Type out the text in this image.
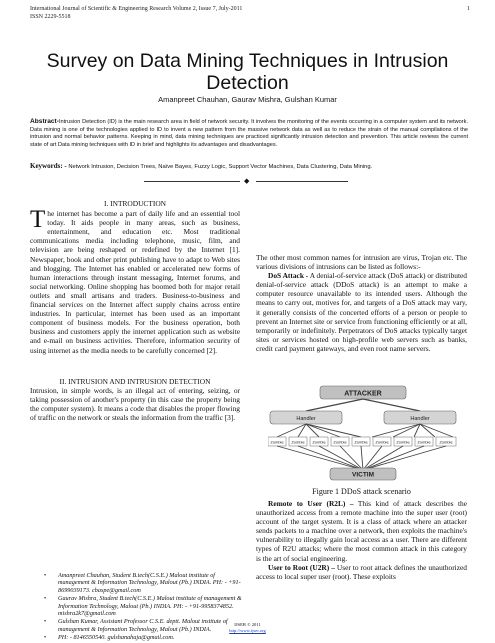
International Journal of Scientific & Engineering Research Volume 2, Issue 7, July-2011
ISSN 2229-5518
1
Survey on Data Mining Techniques in Intrusion Detection
Amanpreet Chauhan, Gaurav Mishra, Gulshan Kumar
Abstract-Intrusion Detection (ID) is the main research area in field of network security. It involves the monitoring of the events occurring in a computer system and its network. Data mining is one of the technologies applied to ID to invent a new pattern from the massive network data as well as to reduce the strain of the manual compilations of the intrusion and normal behavior patterns. Keeping in mind, data mining techniques are practiced significantly intrusion detection and prevention. This article reviews the current state of art Data mining techniques with ID in brief and highlights its advantages and disadvantages.
Keywords: - Network Intrusion, Decision Trees, Naïve Bayes, Fuzzy Logic, Support Vector Machines, Data Clustering, Data Mining.
◆
I. INTRODUCTION

The internet has become a part of daily life and an essential tool today. It aids people in many areas, such as business, entertainment, and education etc. Most traditional communications media including telephone, music, film, and television are being reshaped or redefined by the Internet [1]. Newspaper, book and other print publishing have to adapt to Web sites and blogging. The Internet has enabled or accelerated new forms of human interactions through instant messaging, Internet forums, and social networking. Online shopping has boomed both for major retail outlets and small artisans and traders. Business-to-business and financial services on the Internet affect supply chains across entire industries. In particular, internet has been used as an important component of business models. For the business operation, both business and customers apply the internet application such as website and e-mail on business activities. Therefore, information security of using internet as the media needs to be carefully concerned [2].

II. INTRUSION AND INTRUSION DETECTION

Intrusion, in simple words, is an illegal act of entering, seizing, or taking possession of another's property (in this case the property being the computer system). It means a code that disables the proper flowing of traffic on the network or steals the information from the traffic [3].

• Amanpreet Chauhan, Student B.tech(C.S.E.) Malout institute of management & Information Technology, Malout (Pb.) INDIA. PH: - +91-8699039173. cbaspe@gmail.com
• Gaurav Mishra, Student B.tech(C.S.E.) Malout institute of management & Information Technology, Malout (Pb.) INDIA. PH: - +91-9958374852. mishra2k7@gmail.com
• Gulshan Kumar, Assistant Professor C.S.E. deptt. Malout institute of management & Information Technology, Malout (Pb.) INDIA.
• PH: - 8146550540. gulshanahuja@gmail.com.

The other most common names for intrusion are virus, Trojan etc. The various divisions of intrusions can be listed as follows:-

DoS Attack - A denial-of-service attack (DoS attack) or distributed denial-of-service attack (DDoS attack) is an attempt to make a computer resource unavailable to its intended users. Although the means to carry out, motives for, and targets of a DoS attack may vary, it generally consists of the concerted efforts of a person or people to prevent an Internet site or service from functioning efficiently or at all, temporarily or indefinitely. Perpetrators of DoS attacks typically target sites or services hosted on high-profile web servers such as banks, credit card payment gateways, and even root name servers.

ATTACKER
Handler	Handler
Zombie Zombie Zombie Zombie Zombie Zombie Zombie Zombie Zombie
VICTIM
Figure 1 DDoS attack scenario

Remote to User (R2L) – This kind of attack describes the unauthorized access from a remote machine into the super user (root) account of the target system. It is a class of attack where an attacker sends packets to a machine over a network, then exploits the machine's vulnerability to illegally gain local access as a user. There are different types of R2U attacks; where the most common attack in this category is the art of social engineering.

User to Root (U2R) – User to root attack defines the unauthorized access to local super user (root). These exploits

IJSER © 2011
http://www.ijser.org
